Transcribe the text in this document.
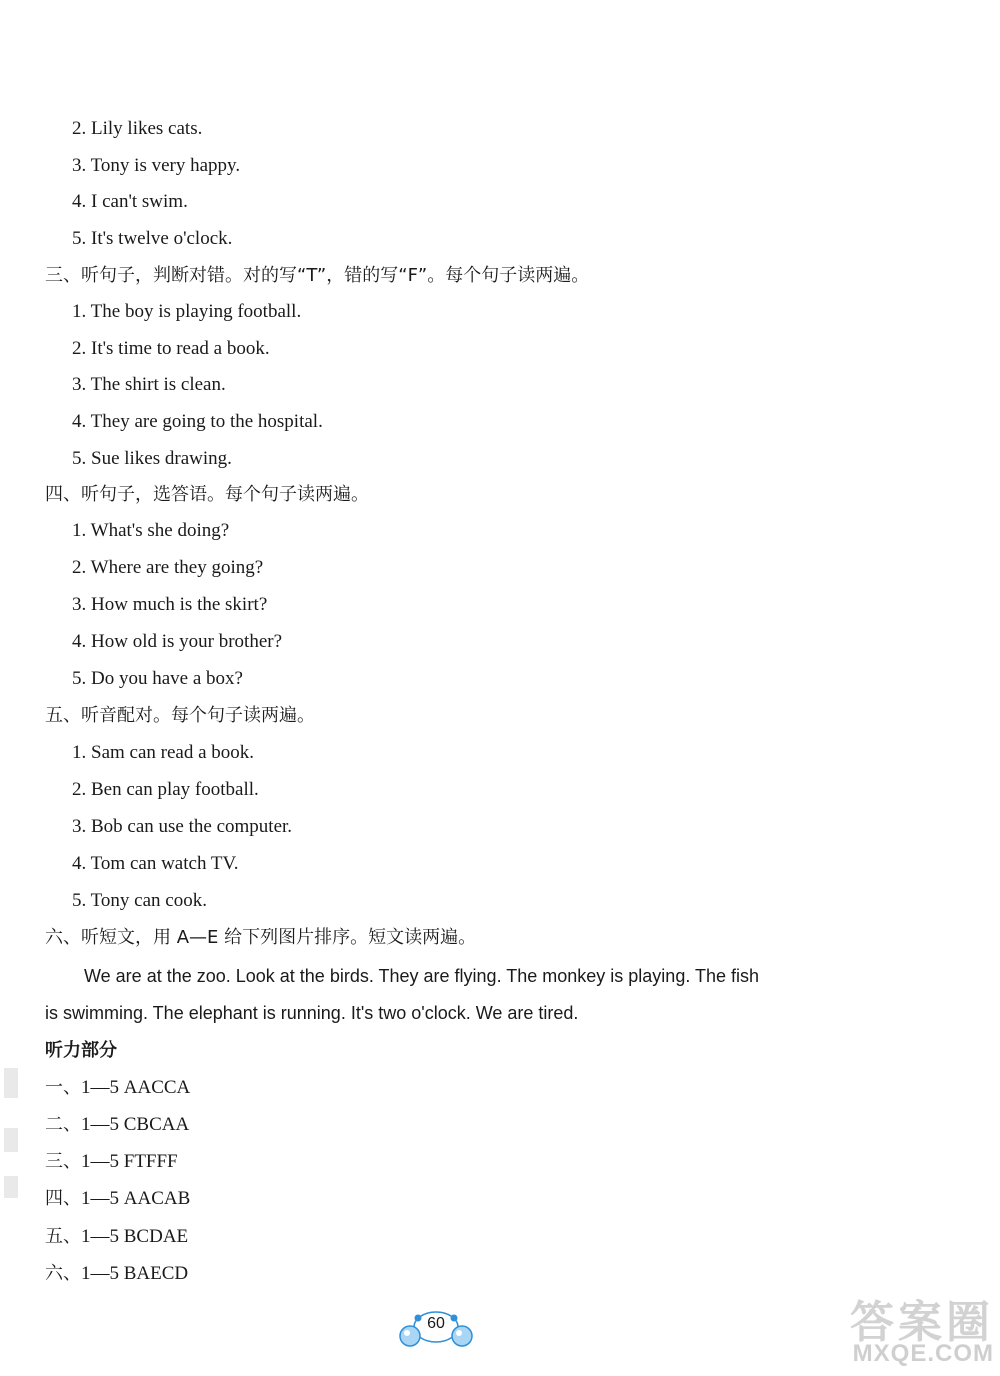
2. Lily likes cats.
3. Tony is very happy.
4. I can't swim.
5. It's twelve o'clock.
三、听句子，判断对错。对的写“T”，错的写“F”。每个句子读两遍。
1. The boy is playing football.
2. It's time to read a book.
3. The shirt is clean.
4. They are going to the hospital.
5. Sue likes drawing.
四、听句子，选答语。每个句子读两遍。
1. What's she doing?
2. Where are they going?
3. How much is the skirt?
4. How old is your brother?
5. Do you have a box?
五、听音配对。每个句子读两遍。
1. Sam can read a book.
2. Ben can play football.
3. Bob can use the computer.
4. Tom can watch TV.
5. Tony can cook.
六、听短文，用 A—E 给下列图片排序。短文读两遍。
We are at the zoo. Look at the birds. They are flying. The monkey is playing. The fish
is swimming. The elephant is running. It's two o'clock. We are tired.
听力部分
一、1—5 AACCA
二、1—5 CBCAA
三、1—5 FTFFF
四、1—5 AACAB
五、1—5 BCDAE
六、1—5 BAECD
60	答案圈
MXQE.COM
